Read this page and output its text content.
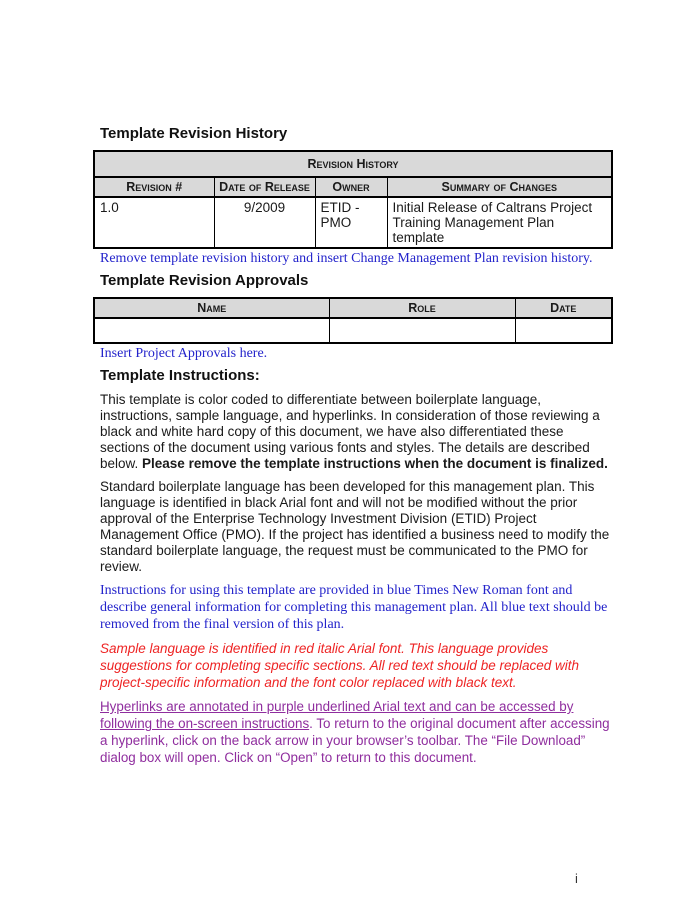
Template Revision History
Revision History			
Revision #	Date of Release	Owner	Summary of Changes
1.0	9/2009	ETID - PMO	Initial Release of Caltrans Project Training Management Plan template

Remove template revision history and insert Change Management Plan revision history.

Template Revision Approvals
Name	Role	Date

Insert Project Approvals here.

Template Instructions:

This template is color coded to differentiate between boilerplate language, instructions, sample language, and hyperlinks. In consideration of those reviewing a black and white hard copy of this document, we have also differentiated these sections of the document using various fonts and styles. The details are described below. Please remove the template instructions when the document is finalized.

Standard boilerplate language has been developed for this management plan. This language is identified in black Arial font and will not be modified without the prior approval of the Enterprise Technology Investment Division (ETID) Project Management Office (PMO). If the project has identified a business need to modify the standard boilerplate language, the request must be communicated to the PMO for review.

Instructions for using this template are provided in blue Times New Roman font and describe general information for completing this management plan. All blue text should be removed from the final version of this plan.

Sample language is identified in red italic Arial font. This language provides suggestions for completing specific sections. All red text should be replaced with project-specific information and the font color replaced with black text.

Hyperlinks are annotated in purple underlined Arial text and can be accessed by following the on-screen instructions. To return to the original document after accessing a hyperlink, click on the back arrow in your browser’s toolbar. The “File Download” dialog box will open. Click on “Open” to return to this document.

i
